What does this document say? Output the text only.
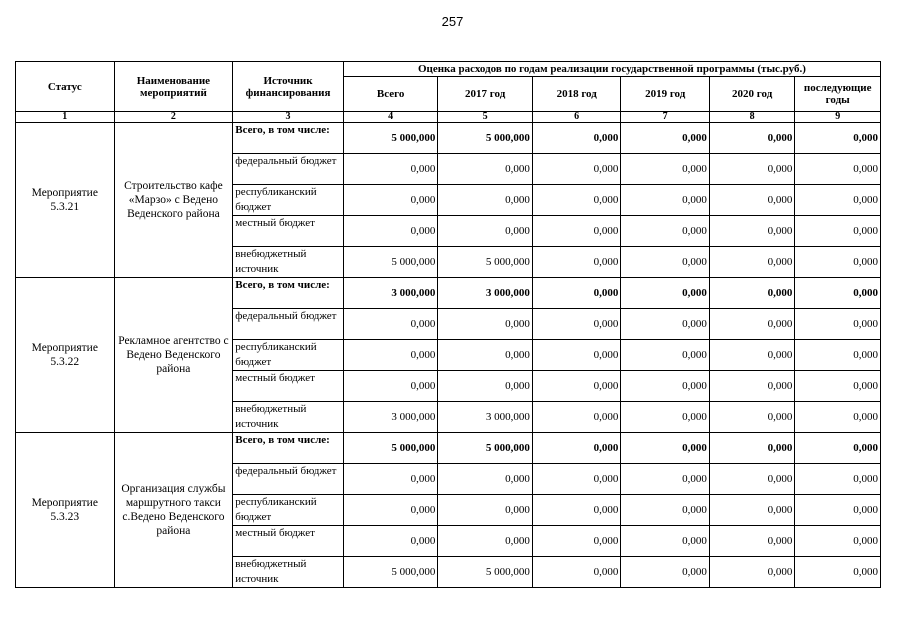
257
Статус	Наименование мероприятий	Источник финансирования	Оценка расходов по годам реализации государственной программы (тыс.руб.)					
			Всего	2017 год	2018 год	2019 год	2020 год	последующие годы
1	2	3	4	5	6	7	8	9
Мероприятие 5.3.21	Строительство кафе «Марзо» с Ведено Веденского района	Всего, в том числе:	5 000,000	5 000,000	0,000	0,000	0,000	0,000
		федеральный бюджет	0,000	0,000	0,000	0,000	0,000	0,000
		республиканский бюджет	0,000	0,000	0,000	0,000	0,000	0,000
		местный бюджет	0,000	0,000	0,000	0,000	0,000	0,000
		внебюджетный источник	5 000,000	5 000,000	0,000	0,000	0,000	0,000
Мероприятие 5.3.22	Рекламное агентство с Ведено Веденского района	Всего, в том числе:	3 000,000	3 000,000	0,000	0,000	0,000	0,000
		федеральный бюджет	0,000	0,000	0,000	0,000	0,000	0,000
		республиканский бюджет	0,000	0,000	0,000	0,000	0,000	0,000
		местный бюджет	0,000	0,000	0,000	0,000	0,000	0,000
		внебюджетный источник	3 000,000	3 000,000	0,000	0,000	0,000	0,000
Мероприятие 5.3.23	Организация службы маршрутного такси с.Ведено Веденского района	Всего, в том числе:	5 000,000	5 000,000	0,000	0,000	0,000	0,000
		федеральный бюджет	0,000	0,000	0,000	0,000	0,000	0,000
		республиканский бюджет	0,000	0,000	0,000	0,000	0,000	0,000
		местный бюджет	0,000	0,000	0,000	0,000	0,000	0,000
		внебюджетный источник	5 000,000	5 000,000	0,000	0,000	0,000	0,000
